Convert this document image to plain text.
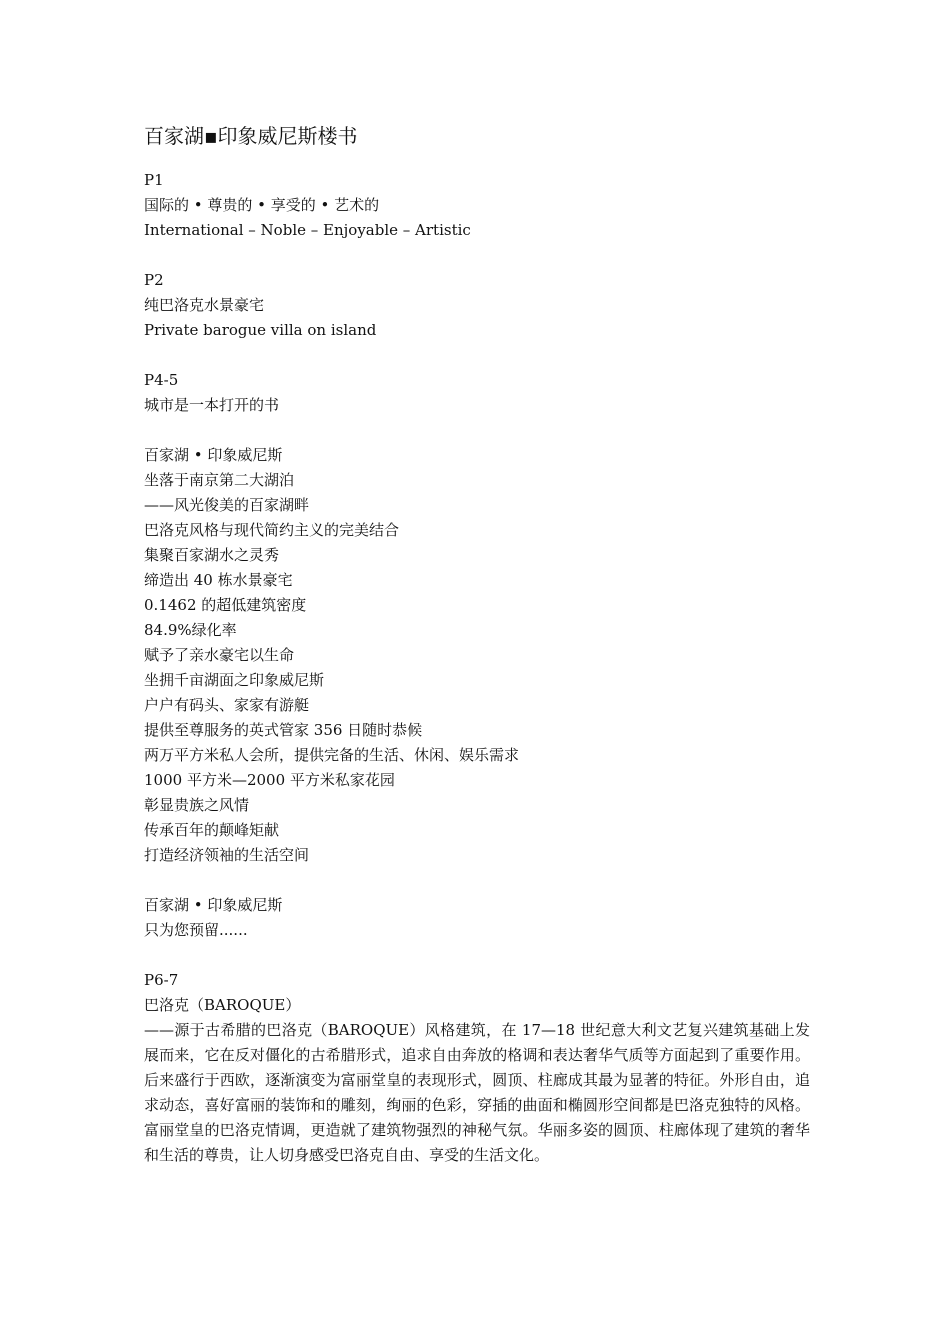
百家湖▪印象威尼斯楼书
P1
国际的 • 尊贵的 • 享受的 • 艺术的
International – Noble – Enjoyable – Artistic
P2
纯巴洛克水景豪宅
Private barogue villa on island
P4-5
城市是一本打开的书
百家湖 • 印象威尼斯
坐落于南京第二大湖泊
——风光俊美的百家湖畔
巴洛克风格与现代简约主义的完美结合
集聚百家湖水之灵秀
缔造出 40 栋水景豪宅
0.1462 的超低建筑密度
84.9%绿化率
赋予了亲水豪宅以生命
坐拥千亩湖面之印象威尼斯
户户有码头、家家有游艇
提供至尊服务的英式管家 356 日随时恭候
两万平方米私人会所，提供完备的生活、休闲、娱乐需求
1000 平方米—2000 平方米私家花园
彰显贵族之风情
传承百年的颠峰矩献
打造经济领袖的生活空间
百家湖 • 印象威尼斯
只为您预留......
P6-7
巴洛克（BAROQUE）
——源于古希腊的巴洛克（BAROQUE）风格建筑，在 17—18 世纪意大利文艺复兴建筑基础上发展而来，它在反对僵化的古希腊形式，追求自由奔放的格调和表达奢华气质等方面起到了重要作用。后来盛行于西欧，逐渐演变为富丽堂皇的表现形式，圆顶、柱廊成其最为显著的特征。外形自由，追求动态，喜好富丽的装饰和的雕刻，绚丽的色彩，穿插的曲面和椭圆形空间都是巴洛克独特的风格。富丽堂皇的巴洛克情调，更造就了建筑物强烈的神秘气氛。华丽多姿的圆顶、柱廊体现了建筑的奢华和生活的尊贵，让人切身感受巴洛克自由、享受的生活文化。
